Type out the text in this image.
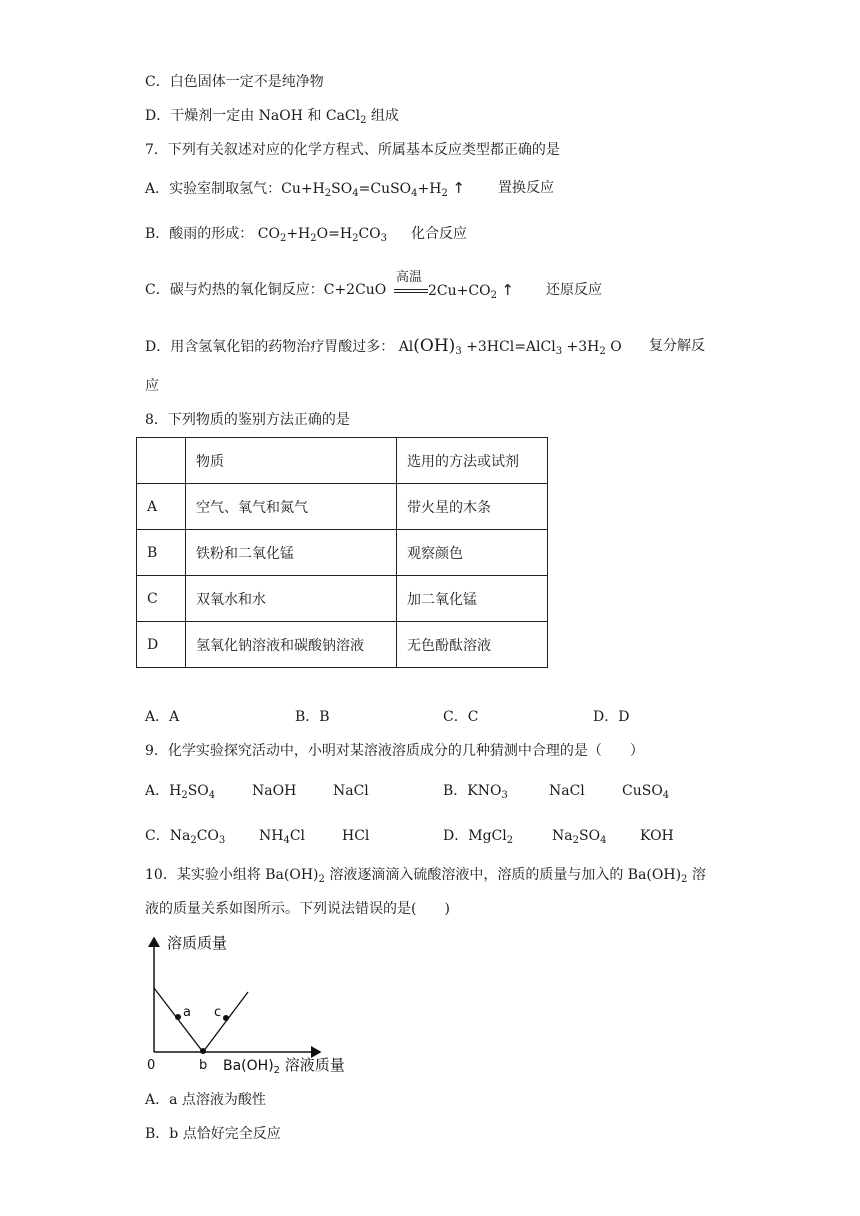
C．白色固体一定不是纯净物
D．干燥剂一定由 NaOH 和 CaCl$_2$ 组成
7．下列有关叙述对应的化学方程式、所属基本反应类型都正确的是
A．实验室制取氢气：$Cu+H_2SO_4=CuSO_4+H_2$ ↑ 置换反应
B．酸雨的形成： $CO_2+H_2O=H_2CO_3$ 化合反应
C．碳与灼热的氧化铜反应：C+2CuO
高温
$2Cu+CO_2$ ↑ 还原反应
D．用含氢氧化铝的药物治疗胃酸过多： $Al(OH)_3$ +3HCl=AlCl$_3$ $+3H_2$ O 复分解反
应
8．下列物质的鉴别方法正确的是
	物质	选用的方法或试剂
A	空气、氧气和氮气	带火星的木条
B	铁粉和二氧化锰	观察颜色
C	双氧水和水	加二氧化锰
D	氢氧化钠溶液和碳酸钠溶液	无色酚酞溶液
A．A	B．B	C．C	D．D
9．化学实验探究活动中，小明对某溶液溶质成分的几种猜测中合理的是（　　）
A．$H_2SO_4$	NaOH	NaCl	B．$KNO_3$	NaCl	CuSO$_4$
C．$Na_2CO_3$ $NH_4Cl$	HCl	D．MgCl$_2$	$Na_2SO_4$ KOH
10．某实验小组将 $Ba(OH)_2$ 溶液逐滴滴入硫酸溶液中，溶质的质量与加入的 $Ba(OH)_2$ 溶
液的质量关系如图所示。下列说法错误的是(　　)
溶质质量
a
b
c
0	$Ba(OH)_2$ 溶液质量
A．a 点溶液为酸性
B．b 点恰好完全反应
